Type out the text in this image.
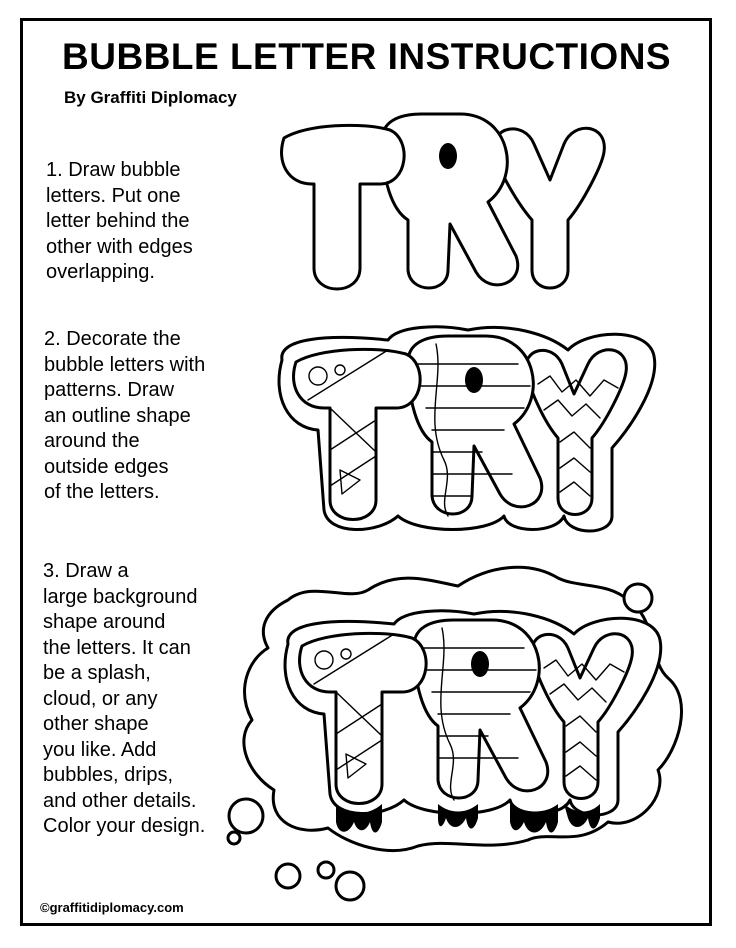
BUBBLE LETTER INSTRUCTIONS
By Graffiti Diplomacy
1. Draw bubble
letters. Put one
letter behind the
other with edges
overlapping.
2. Decorate the
bubble letters with
patterns. Draw
an outline shape
around the
outside edges
of the letters.
3. Draw a
large background
shape around
the letters. It can
be a splash,
cloud, or any
other shape
you like. Add
bubbles, drips,
and other details.
Color your design.
©graffitidiplomacy.com
